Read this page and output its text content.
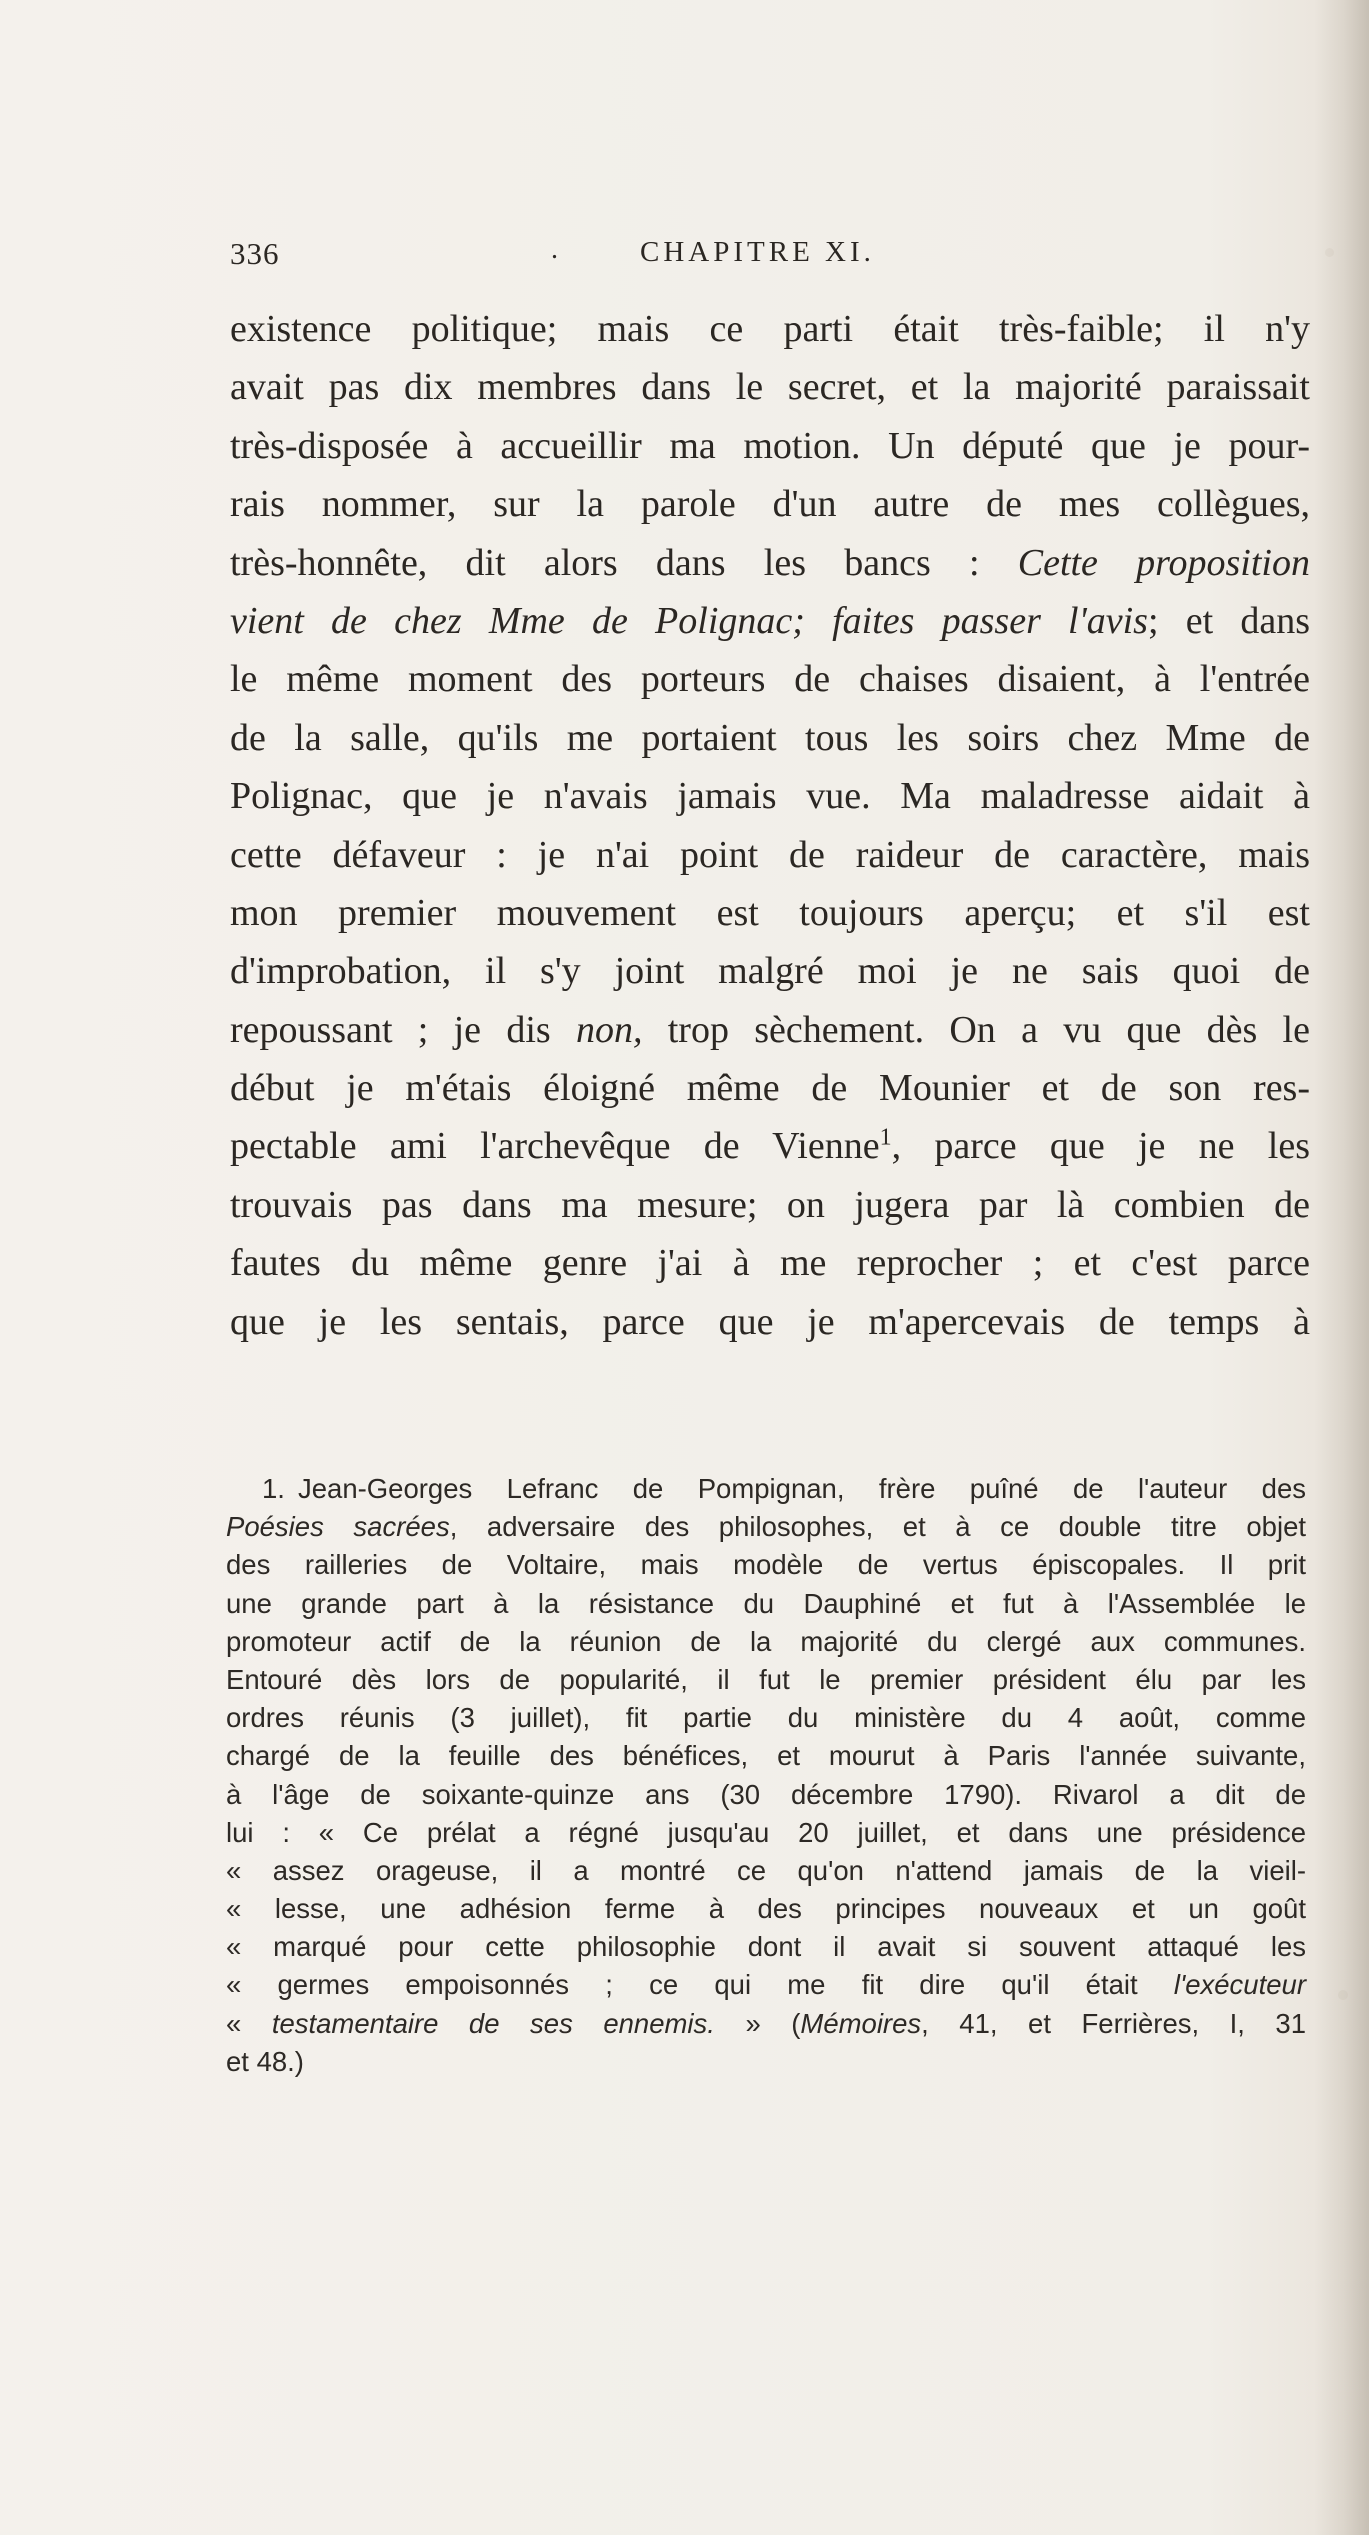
336	.	CHAPITRE XI.
existence politique; mais ce parti était très-faible; il n'y
avait pas dix membres dans le secret, et la majorité paraissait
très-disposée à accueillir ma motion. Un député que je pour-
rais nommer, sur la parole d'un autre de mes collègues,
très-honnête, dit alors dans les bancs : Cette proposition
vient de chez Mme de Polignac; faites passer l'avis; et dans
le même moment des porteurs de chaises disaient, à l'entrée
de la salle, qu'ils me portaient tous les soirs chez Mme de
Polignac, que je n'avais jamais vue. Ma maladresse aidait à
cette défaveur : je n'ai point de raideur de caractère, mais
mon premier mouvement est toujours aperçu; et s'il est
d'improbation, il s'y joint malgré moi je ne sais quoi de
repoussant ; je dis non, trop sèchement. On a vu que dès le
début je m'étais éloigné même de Mounier et de son res-
pectable ami l'archevêque de Vienne$^1$, parce que je ne les
trouvais pas dans ma mesure; on jugera par là combien de
fautes du même genre j'ai à me reprocher ; et c'est parce
que je les sentais, parce que je m'apercevais de temps à
1. Jean-Georges Lefranc de Pompignan, frère puîné de l'auteur des
Poésies sacrées, adversaire des philosophes, et à ce double titre objet
des railleries de Voltaire, mais modèle de vertus épiscopales. Il prit
une grande part à la résistance du Dauphiné et fut à l'Assemblée le
promoteur actif de la réunion de la majorité du clergé aux communes.
Entouré dès lors de popularité, il fut le premier président élu par les
ordres réunis (3 juillet), fit partie du ministère du 4 août, comme
chargé de la feuille des bénéfices, et mourut à Paris l'année suivante,
à l'âge de soixante-quinze ans (30 décembre 1790). Rivarol a dit de
lui : « Ce prélat a régné jusqu'au 20 juillet, et dans une présidence
« assez orageuse, il a montré ce qu'on n'attend jamais de la vieil-
« lesse, une adhésion ferme à des principes nouveaux et un goût
« marqué pour cette philosophie dont il avait si souvent attaqué les
« germes empoisonnés ; ce qui me fit dire qu'il était l'exécuteur
« testamentaire de ses ennemis. » (Mémoires, 41, et Ferrières, I, 31
et 48.)
